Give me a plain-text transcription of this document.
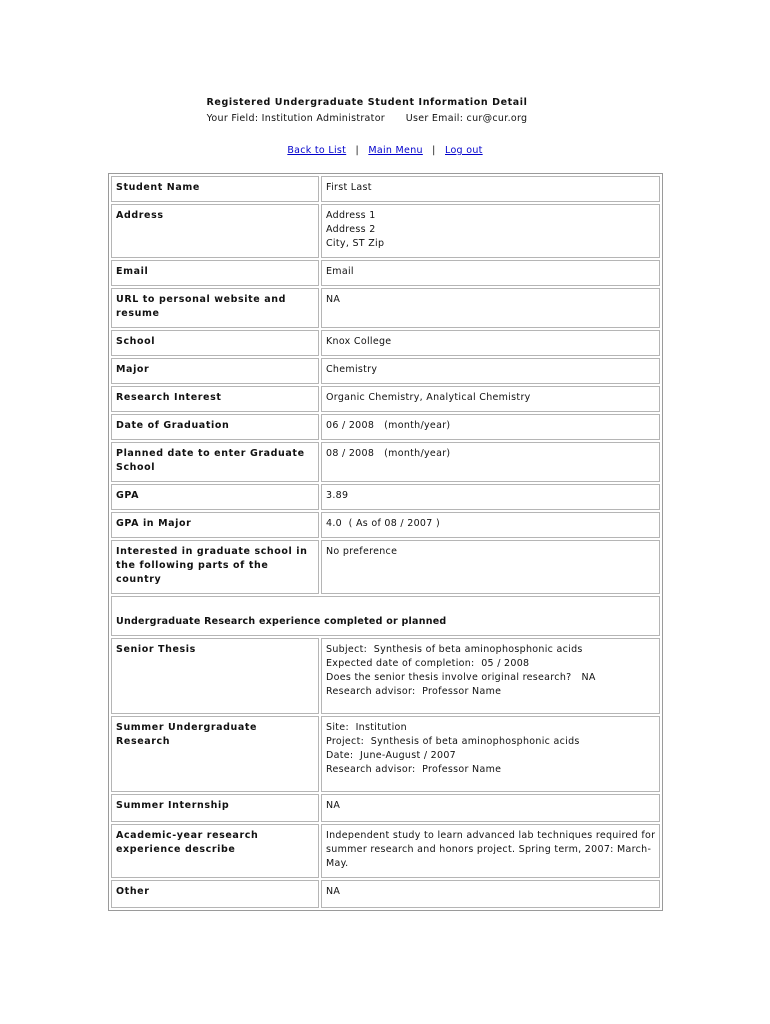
Registered Undergraduate Student Information Detail
Your Field: Institution Administrator User Email: cur@cur.org
Back to List | Main Menu | Log out
Student Name	First Last
Address	Address 1
Address 2
City, ST Zip

Email	Email
URL to personal website and resume	NA
School	Knox College
Major	Chemistry
Research Interest	Organic Chemistry, Analytical Chemistry
Date of Graduation	06 / 2008   (month/year)
Planned date to enter Graduate School	08 / 2008   (month/year)
GPA	3.89
GPA in Major	4.0  ( As of 08 / 2007 )
Interested in graduate school in the following parts of the country	No preference
Undergraduate Research experience completed or planned	
Senior Thesis	Subject:  Synthesis of beta aminophosphonic acids
Expected date of completion:  05 / 2008
Does the senior thesis involve original research?   NA
Research advisor:  Professor Name

Summer Undergraduate Research	Site:  Institution
Project:  Synthesis of beta aminophosphonic acids
Date:  June-August / 2007
Research advisor:  Professor Name

Summer Internship	NA
Academic-year research experience describe	Independent study to learn advanced lab techniques required for summer research and honors project. Spring term, 2007: March-May.
Other	NA
